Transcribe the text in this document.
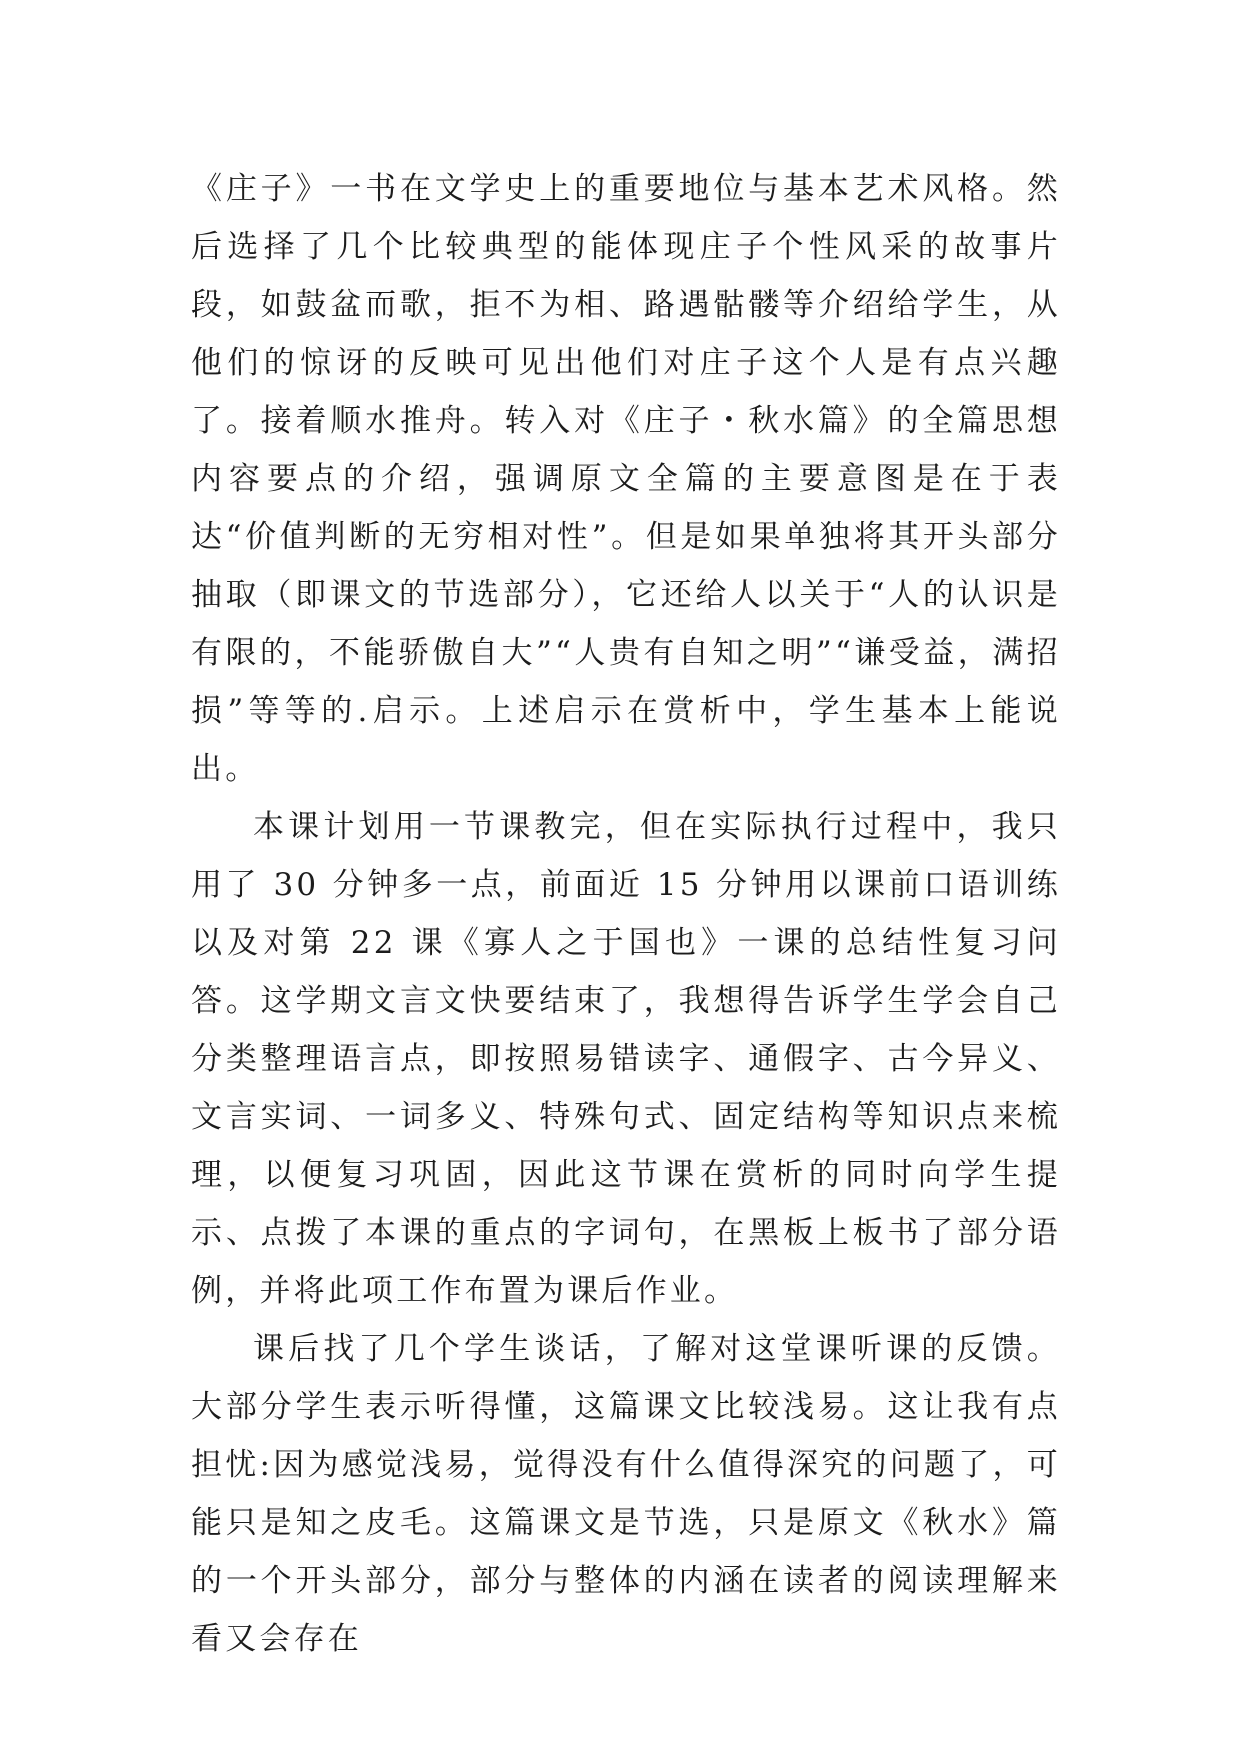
《庄子》一书在文学史上的重要地位与基本艺术风格。然后选择了几个比较典型的能体现庄子个性风采的故事片段，如鼓盆而歌，拒不为相、路遇骷髅等介绍给学生，从他们的惊讶的反映可见出他们对庄子这个人是有点兴趣了。接着顺水推舟。转入对《庄子・秋水篇》的全篇思想内容要点的介绍，强调原文全篇的主要意图是在于表达“价值判断的无穷相对性”。但是如果单独将其开头部分抽取（即课文的节选部分），它还给人以关于“人的认识是有限的，不能骄傲自大”“人贵有自知之明”“谦受益，满招损”等等的.启示。上述启示在赏析中，学生基本上能说出。

本课计划用一节课教完，但在实际执行过程中，我只用了 30 分钟多一点，前面近 15 分钟用以课前口语训练以及对第 22 课《寡人之于国也》一课的总结性复习问答。这学期文言文快要结束了，我想得告诉学生学会自己分类整理语言点，即按照易错读字、通假字、古今异义、文言实词、一词多义、特殊句式、固定结构等知识点来梳理，以便复习巩固，因此这节课在赏析的同时向学生提示、点拨了本课的重点的字词句，在黑板上板书了部分语例，并将此项工作布置为课后作业。

课后找了几个学生谈话，了解对这堂课听课的反馈。大部分学生表示听得懂，这篇课文比较浅易。这让我有点担忧:因为感觉浅易，觉得没有什么值得深究的问题了，可能只是知之皮毛。这篇课文是节选，只是原文《秋水》篇的一个开头部分，部分与整体的内涵在读者的阅读理解来看又会存在
